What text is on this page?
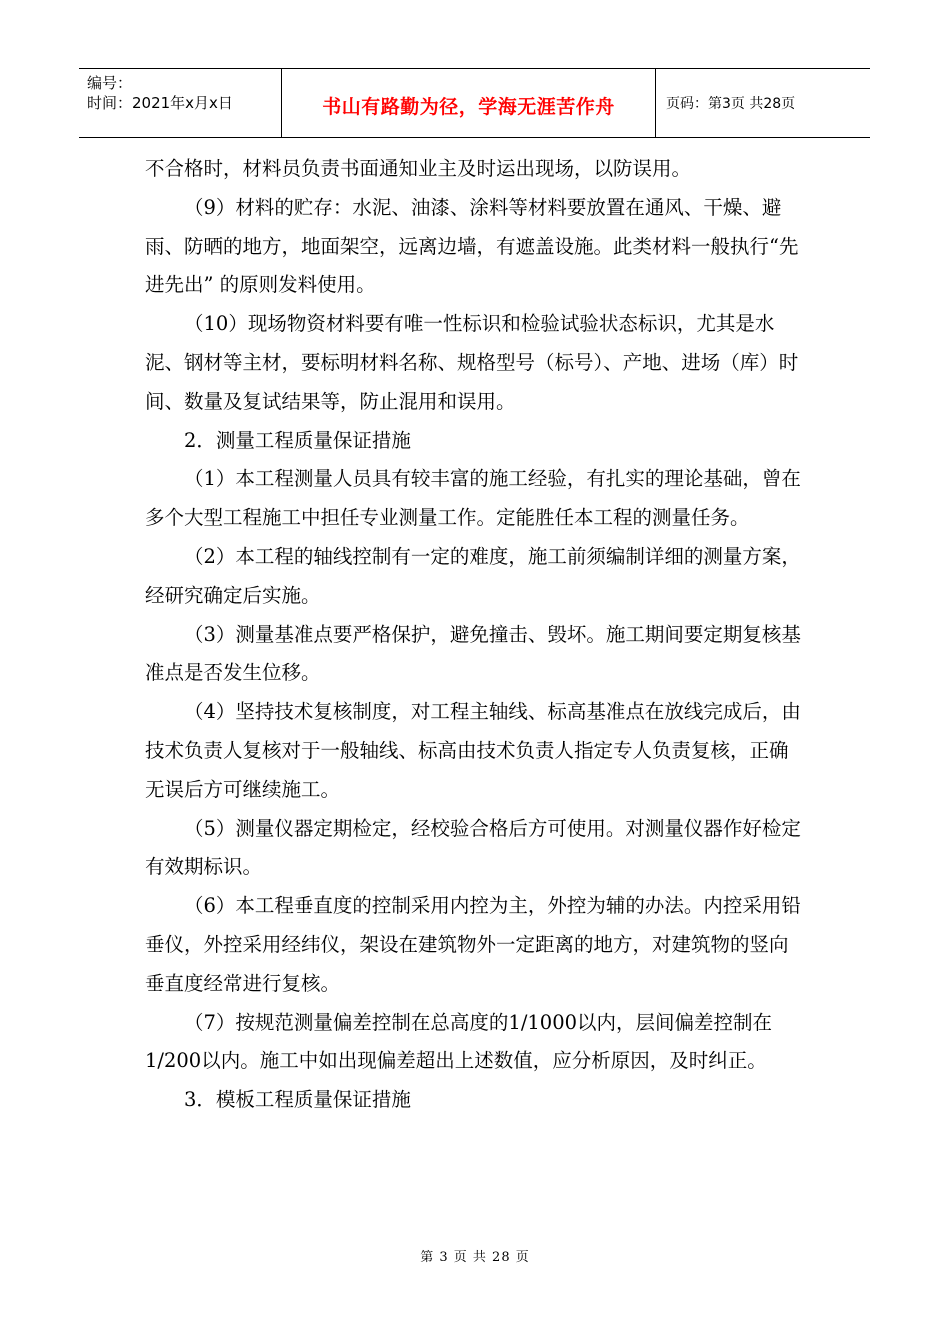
编号：
时间：2021年x月x日	书山有路勤为径，学海无涯苦作舟	页码：第3页 共28页

不合格时，材料员负责书面通知业主及时运出现场，以防误用。

（9）材料的贮存：水泥、油漆、涂料等材料要放置在通风、干燥、避雨、防晒的地方，地面架空，远离边墙，有遮盖设施。此类材料一般执行“先进先出” 的原则发料使用。

（10）现场物资材料要有唯一性标识和检验试验状态标识，尤其是水泥、钢材等主材，要标明材料名称、规格型号（标号）、产地、进场（库）时间、数量及复试结果等，防止混用和误用。

2．测量工程质量保证措施

（1）本工程测量人员具有较丰富的施工经验，有扎实的理论基础，曾在多个大型工程施工中担任专业测量工作。定能胜任本工程的测量任务。

（2）本工程的轴线控制有一定的难度，施工前须编制详细的测量方案，经研究确定后实施。

（3）测量基准点要严格保护，避免撞击、毁坏。施工期间要定期复核基准点是否发生位移。

（4）坚持技术复核制度，对工程主轴线、标高基准点在放线完成后，由技术负责人复核对于一般轴线、标高由技术负责人指定专人负责复核，正确无误后方可继续施工。

（5）测量仪器定期检定，经校验合格后方可使用。对测量仪器作好检定有效期标识。

（6）本工程垂直度的控制采用内控为主，外控为辅的办法。内控采用铅垂仪，外控采用经纬仪，架设在建筑物外一定距离的地方，对建筑物的竖向垂直度经常进行复核。

（7）按规范测量偏差控制在总高度的1/1000以内，层间偏差控制在1/200以内。施工中如出现偏差超出上述数值，应分析原因，及时纠正。

3．模板工程质量保证措施

第 3 页 共 28 页
